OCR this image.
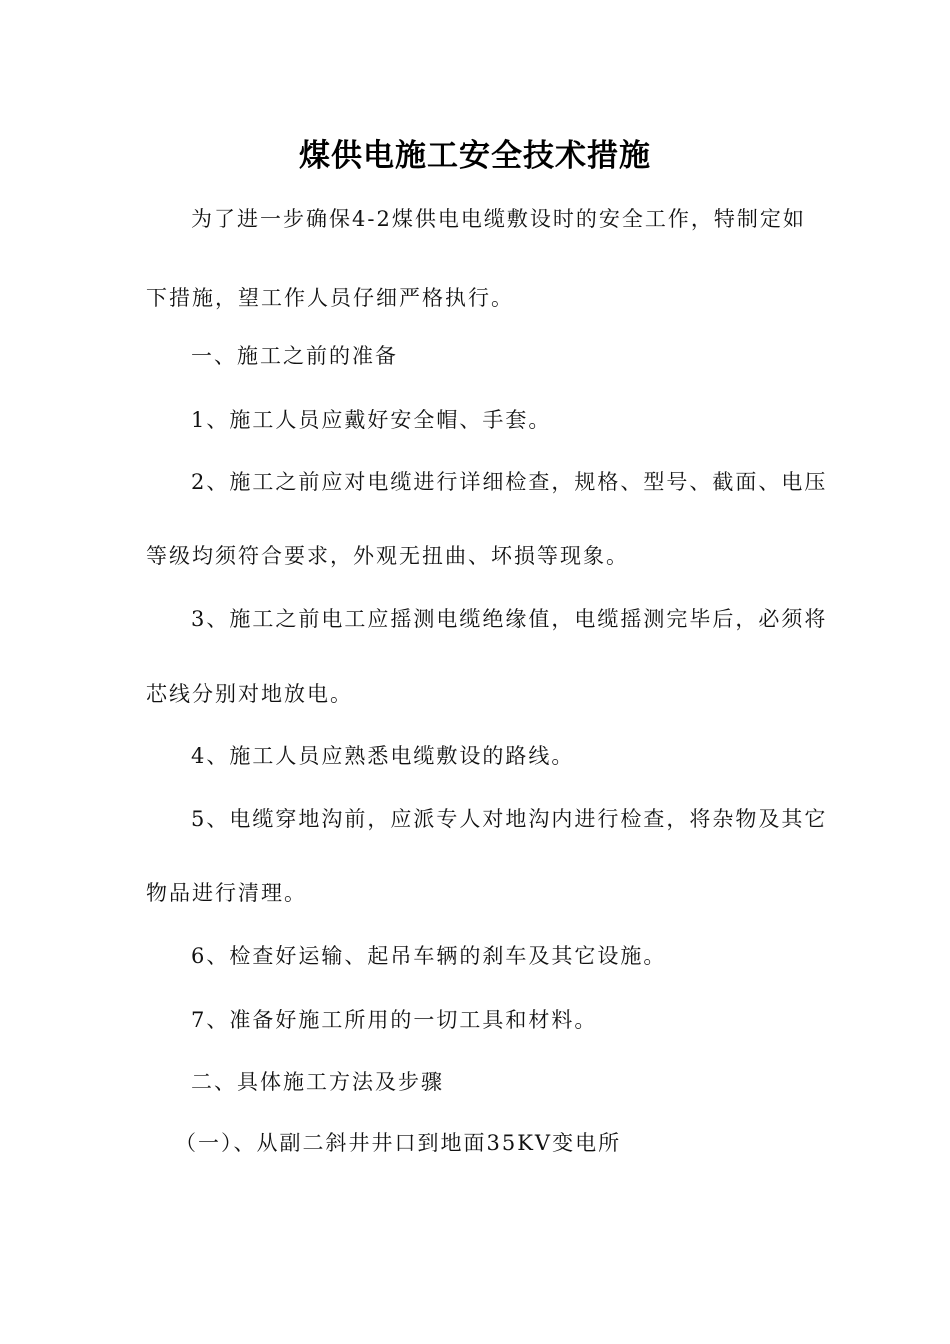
煤供电施工安全技术措施
为了进一步确保4-2煤供电电缆敷设时的安全工作，特制定如
下措施，望工作人员仔细严格执行。
一、施工之前的准备
1、施工人员应戴好安全帽、手套。
2、施工之前应对电缆进行详细检查，规格、型号、截面、电压
等级均须符合要求，外观无扭曲、坏损等现象。
3、施工之前电工应摇测电缆绝缘值，电缆摇测完毕后，必须将
芯线分别对地放电。
4、施工人员应熟悉电缆敷设的路线。
5、电缆穿地沟前，应派专人对地沟内进行检查，将杂物及其它
物品进行清理。
6、检查好运输、起吊车辆的刹车及其它设施。
7、准备好施工所用的一切工具和材料。
二、具体施工方法及步骤
（一）、从副二斜井井口到地面35KV变电所
